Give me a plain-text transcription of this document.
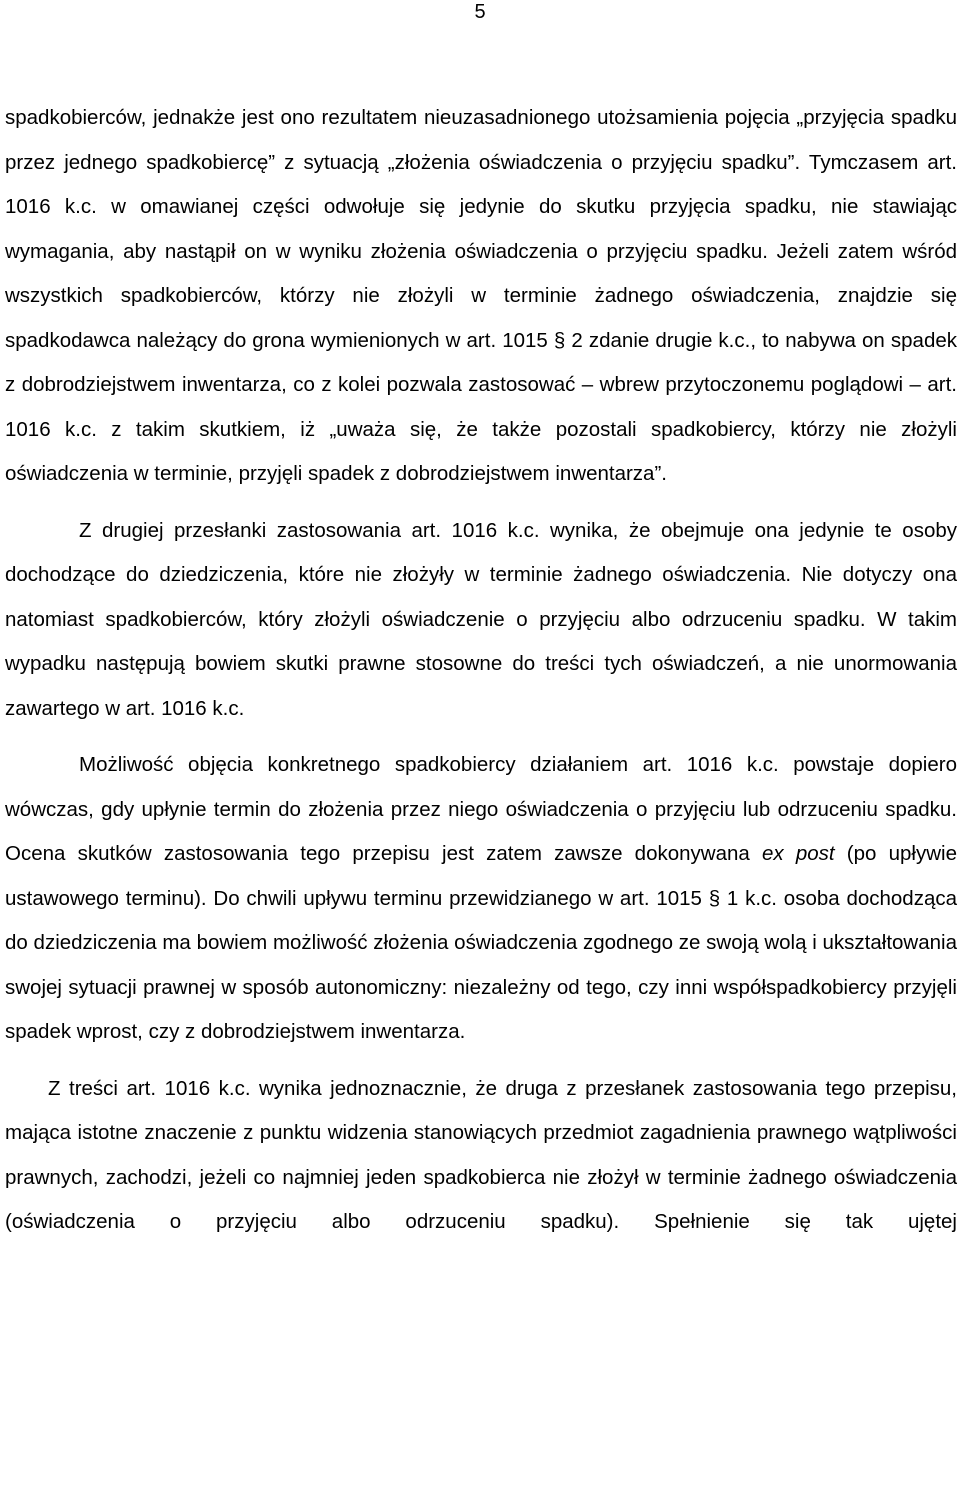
5

spadkobierców, jednakże jest ono rezultatem nieuzasadnionego utożsamienia pojęcia „przyjęcia spadku przez jednego spadkobiercę” z sytuacją „złożenia oświadczenia o przyjęciu spadku”. Tymczasem art. 1016 k.c. w omawianej części odwołuje się jedynie do skutku przyjęcia spadku, nie stawiając wymagania, aby nastąpił on w wyniku złożenia oświadczenia o przyjęciu spadku. Jeżeli zatem wśród wszystkich spadkobierców, którzy nie złożyli w terminie żadnego oświadczenia, znajdzie się spadkodawca należący do grona wymienionych w art. 1015 § 2 zdanie drugie k.c., to nabywa on spadek z dobrodziejstwem inwentarza, co z kolei pozwala zastosować – wbrew przytoczonemu poglądowi – art. 1016 k.c. z takim skutkiem, iż „uważa się, że także pozostali spadkobiercy, którzy nie złożyli oświadczenia w terminie, przyjęli spadek z dobrodziejstwem inwentarza”.

Z drugiej przesłanki zastosowania art. 1016 k.c. wynika, że obejmuje ona jedynie te osoby dochodzące do dziedziczenia, które nie złożyły w terminie żadnego oświadczenia. Nie dotyczy ona natomiast spadkobierców, który złożyli oświadczenie o przyjęciu albo odrzuceniu spadku. W takim wypadku następują bowiem skutki prawne stosowne do treści tych oświadczeń, a nie unormowania zawartego w art. 1016 k.c.

Możliwość objęcia konkretnego spadkobiercy działaniem art. 1016 k.c. powstaje dopiero wówczas, gdy upłynie termin do złożenia przez niego oświadczenia o przyjęciu lub odrzuceniu spadku. Ocena skutków zastosowania tego przepisu jest zatem zawsze dokonywana ex post (po upływie ustawowego terminu). Do chwili upływu terminu przewidzianego w art. 1015 § 1 k.c. osoba dochodząca do dziedziczenia ma bowiem możliwość złożenia oświadczenia zgodnego ze swoją wolą i ukształtowania swojej sytuacji prawnej w sposób autonomiczny: niezależny od tego, czy inni współspadkobiercy przyjęli spadek wprost, czy z dobrodziejstwem inwentarza.

Z treści art. 1016 k.c. wynika jednoznacznie, że druga z przesłanek zastosowania tego przepisu, mająca istotne znaczenie z punktu widzenia stanowiących przedmiot zagadnienia prawnego wątpliwości prawnych, zachodzi, jeżeli co najmniej jeden spadkobierca nie złożył w terminie żadnego oświadczenia (oświadczenia o przyjęciu albo odrzuceniu spadku). Spełnienie się tak ujętej
